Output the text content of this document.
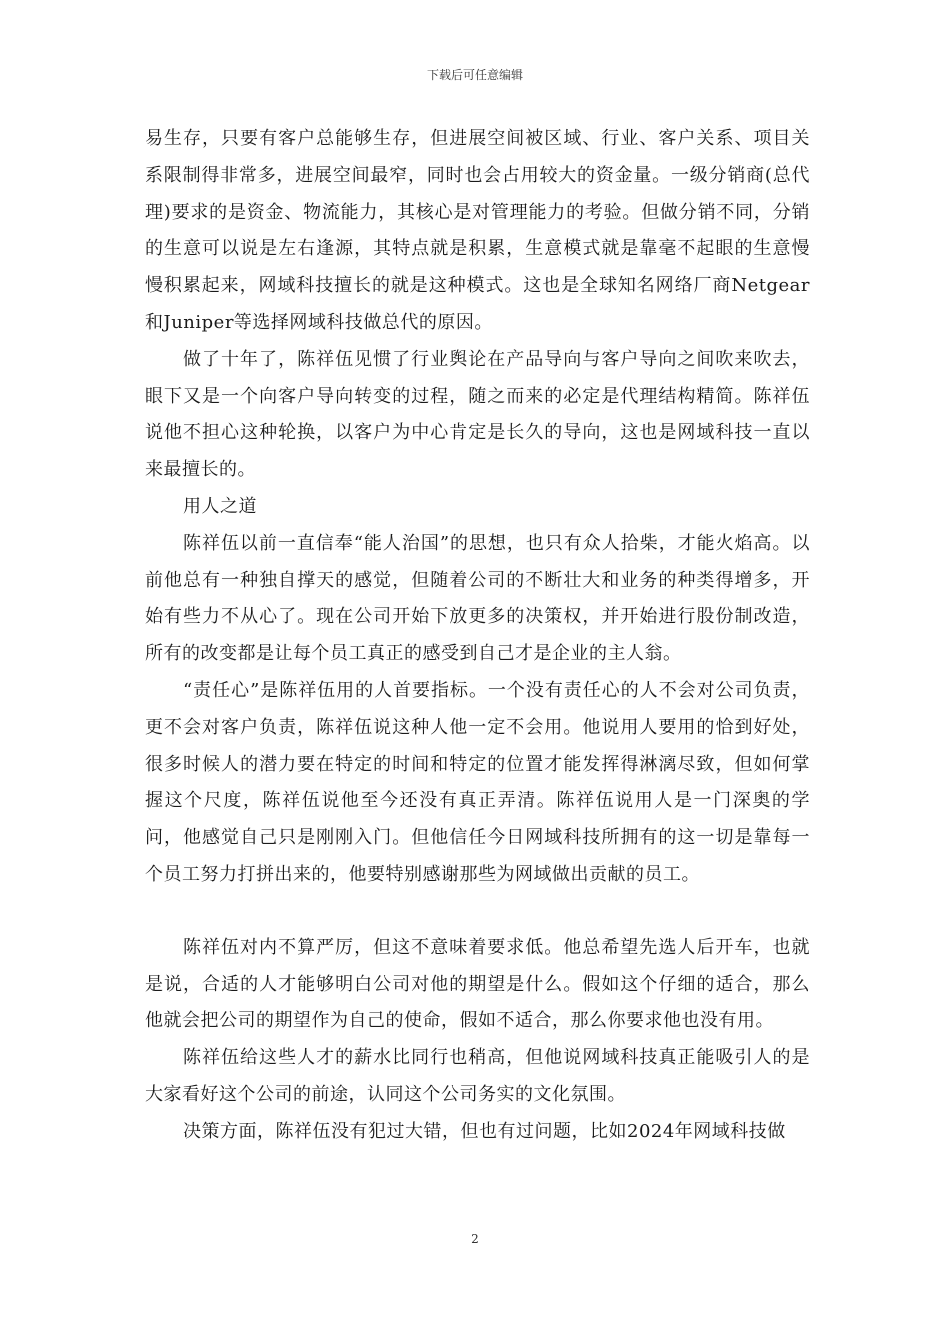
下载后可任意编辑

易生存，只要有客户总能够生存，但进展空间被区域、行业、客户关系、项目关系限制得非常多，进展空间最窄，同时也会占用较大的资金量。一级分销商(总代理)要求的是资金、物流能力，其核心是对管理能力的考验。但做分销不同，分销的生意可以说是左右逢源，其特点就是积累，生意模式就是靠毫不起眼的生意慢慢积累起来，网域科技擅长的就是这种模式。这也是全球知名网络厂商Netgear和Juniper等选择网域科技做总代的原因。

做了十年了，陈祥伍见惯了行业舆论在产品导向与客户导向之间吹来吹去，眼下又是一个向客户导向转变的过程，随之而来的必定是代理结构精简。陈祥伍说他不担心这种轮换，以客户为中心肯定是长久的导向，这也是网域科技一直以来最擅长的。

用人之道

陈祥伍以前一直信奉“能人治国”的思想，也只有众人拾柴，才能火焰高。以前他总有一种独自撑天的感觉，但随着公司的不断壮大和业务的种类得增多，开始有些力不从心了。现在公司开始下放更多的决策权，并开始进行股份制改造，所有的改变都是让每个员工真正的感受到自己才是企业的主人翁。

“责任心”是陈祥伍用的人首要指标。一个没有责任心的人不会对公司负责，更不会对客户负责，陈祥伍说这种人他一定不会用。他说用人要用的恰到好处，很多时候人的潜力要在特定的时间和特定的位置才能发挥得淋漓尽致，但如何掌握这个尺度，陈祥伍说他至今还没有真正弄清。陈祥伍说用人是一门深奥的学问，他感觉自己只是刚刚入门。但他信任今日网域科技所拥有的这一切是靠每一个员工努力打拼出来的，他要特别感谢那些为网域做出贡献的员工。

陈祥伍对内不算严厉，但这不意味着要求低。他总希望先选人后开车，也就是说，合适的人才能够明白公司对他的期望是什么。假如这个仔细的适合，那么他就会把公司的期望作为自己的使命，假如不适合，那么你要求他也没有用。

陈祥伍给这些人才的薪水比同行也稍高，但他说网域科技真正能吸引人的是大家看好这个公司的前途，认同这个公司务实的文化氛围。

决策方面，陈祥伍没有犯过大错，但也有过问题，比如2024年网域科技做

2
